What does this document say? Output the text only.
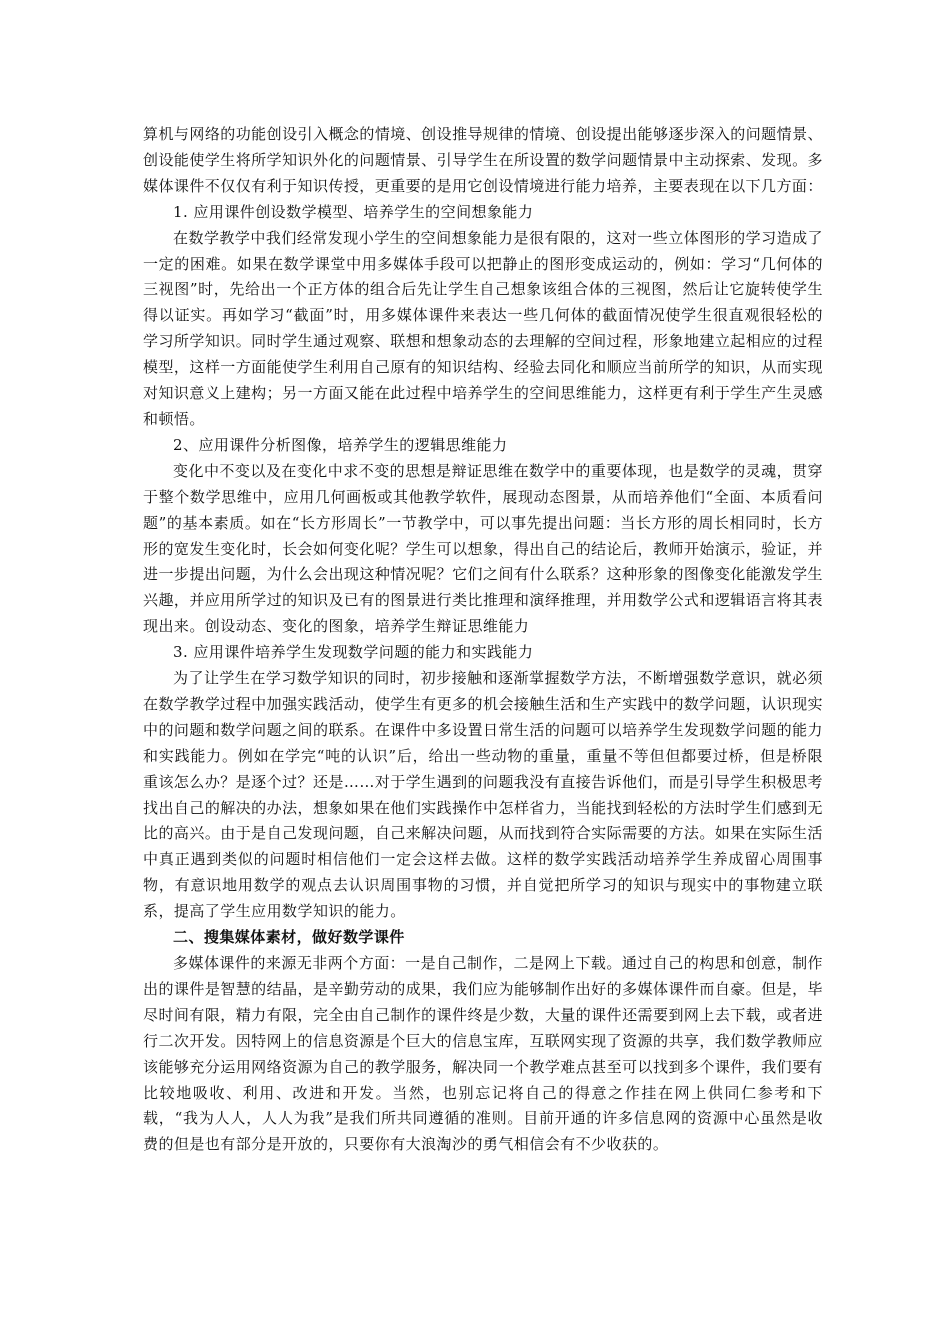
算机与网络的功能创设引入概念的情境、创设推导规律的情境、创设提出能够逐步深入的问题情景、创设能使学生将所学知识外化的问题情景、引导学生在所设置的数学问题情景中主动探索、发现。多媒体课件不仅仅有利于知识传授，更重要的是用它创设情境进行能力培养，主要表现在以下几方面：

1. 应用课件创设数学模型、培养学生的空间想象能力

在数学教学中我们经常发现小学生的空间想象能力是很有限的，这对一些立体图形的学习造成了一定的困难。如果在数学课堂中用多媒体手段可以把静止的图形变成运动的，例如：学习“几何体的三视图”时，先给出一个正方体的组合后先让学生自己想象该组合体的三视图，然后让它旋转使学生得以证实。再如学习“截面”时，用多媒体课件来表达一些几何体的截面情况使学生很直观很轻松的学习所学知识。同时学生通过观察、联想和想象动态的去理解的空间过程，形象地建立起相应的过程模型，这样一方面能使学生利用自己原有的知识结构、经验去同化和顺应当前所学的知识，从而实现对知识意义上建构；另一方面又能在此过程中培养学生的空间思维能力，这样更有利于学生产生灵感和顿悟。

2、应用课件分析图像，培养学生的逻辑思维能力

变化中不变以及在变化中求不变的思想是辩证思维在数学中的重要体现，也是数学的灵魂，贯穿于整个数学思维中，应用几何画板或其他教学软件，展现动态图景，从而培养他们“全面、本质看问题”的基本素质。如在“长方形周长”一节教学中，可以事先提出问题：当长方形的周长相同时，长方形的宽发生变化时，长会如何变化呢？学生可以想象，得出自己的结论后，教师开始演示，验证，并进一步提出问题，为什么会出现这种情况呢？它们之间有什么联系？这种形象的图像变化能激发学生兴趣，并应用所学过的知识及已有的图景进行类比推理和演绎推理，并用数学公式和逻辑语言将其表现出来。创设动态、变化的图象，培养学生辩证思维能力

3. 应用课件培养学生发现数学问题的能力和实践能力

为了让学生在学习数学知识的同时，初步接触和逐渐掌握数学方法，不断增强数学意识，就必须在数学教学过程中加强实践活动，使学生有更多的机会接触生活和生产实践中的数学问题，认识现实中的问题和数学问题之间的联系。在课件中多设置日常生活的问题可以培养学生发现数学问题的能力和实践能力。例如在学完“吨的认识”后，给出一些动物的重量，重量不等但但都要过桥，但是桥限重该怎么办？是逐个过？还是……对于学生遇到的问题我没有直接告诉他们，而是引导学生积极思考找出自己的解决的办法，想象如果在他们实践操作中怎样省力，当能找到轻松的方法时学生们感到无比的高兴。由于是自己发现问题，自己来解决问题，从而找到符合实际需要的方法。如果在实际生活中真正遇到类似的问题时相信他们一定会这样去做。这样的数学实践活动培养学生养成留心周围事物，有意识地用数学的观点去认识周围事物的习惯，并自觉把所学习的知识与现实中的事物建立联系，提高了学生应用数学知识的能力。

二、搜集媒体素材，做好数学课件

多媒体课件的来源无非两个方面：一是自己制作，二是网上下载。通过自己的构思和创意，制作出的课件是智慧的结晶，是辛勤劳动的成果，我们应为能够制作出好的多媒体课件而自豪。但是，毕尽时间有限，精力有限，完全由自己制作的课件终是少数，大量的课件还需要到网上去下载，或者进行二次开发。因特网上的信息资源是个巨大的信息宝库，互联网实现了资源的共享，我们数学教师应该能够充分运用网络资源为自己的教学服务，解决同一个教学难点甚至可以找到多个课件，我们要有比较地吸收、利用、改进和开发。当然，也别忘记将自己的得意之作挂在网上供同仁参考和下载，“我为人人，人人为我”是我们所共同遵循的准则。目前开通的许多信息网的资源中心虽然是收费的但是也有部分是开放的，只要你有大浪淘沙的勇气相信会有不少收获的。
